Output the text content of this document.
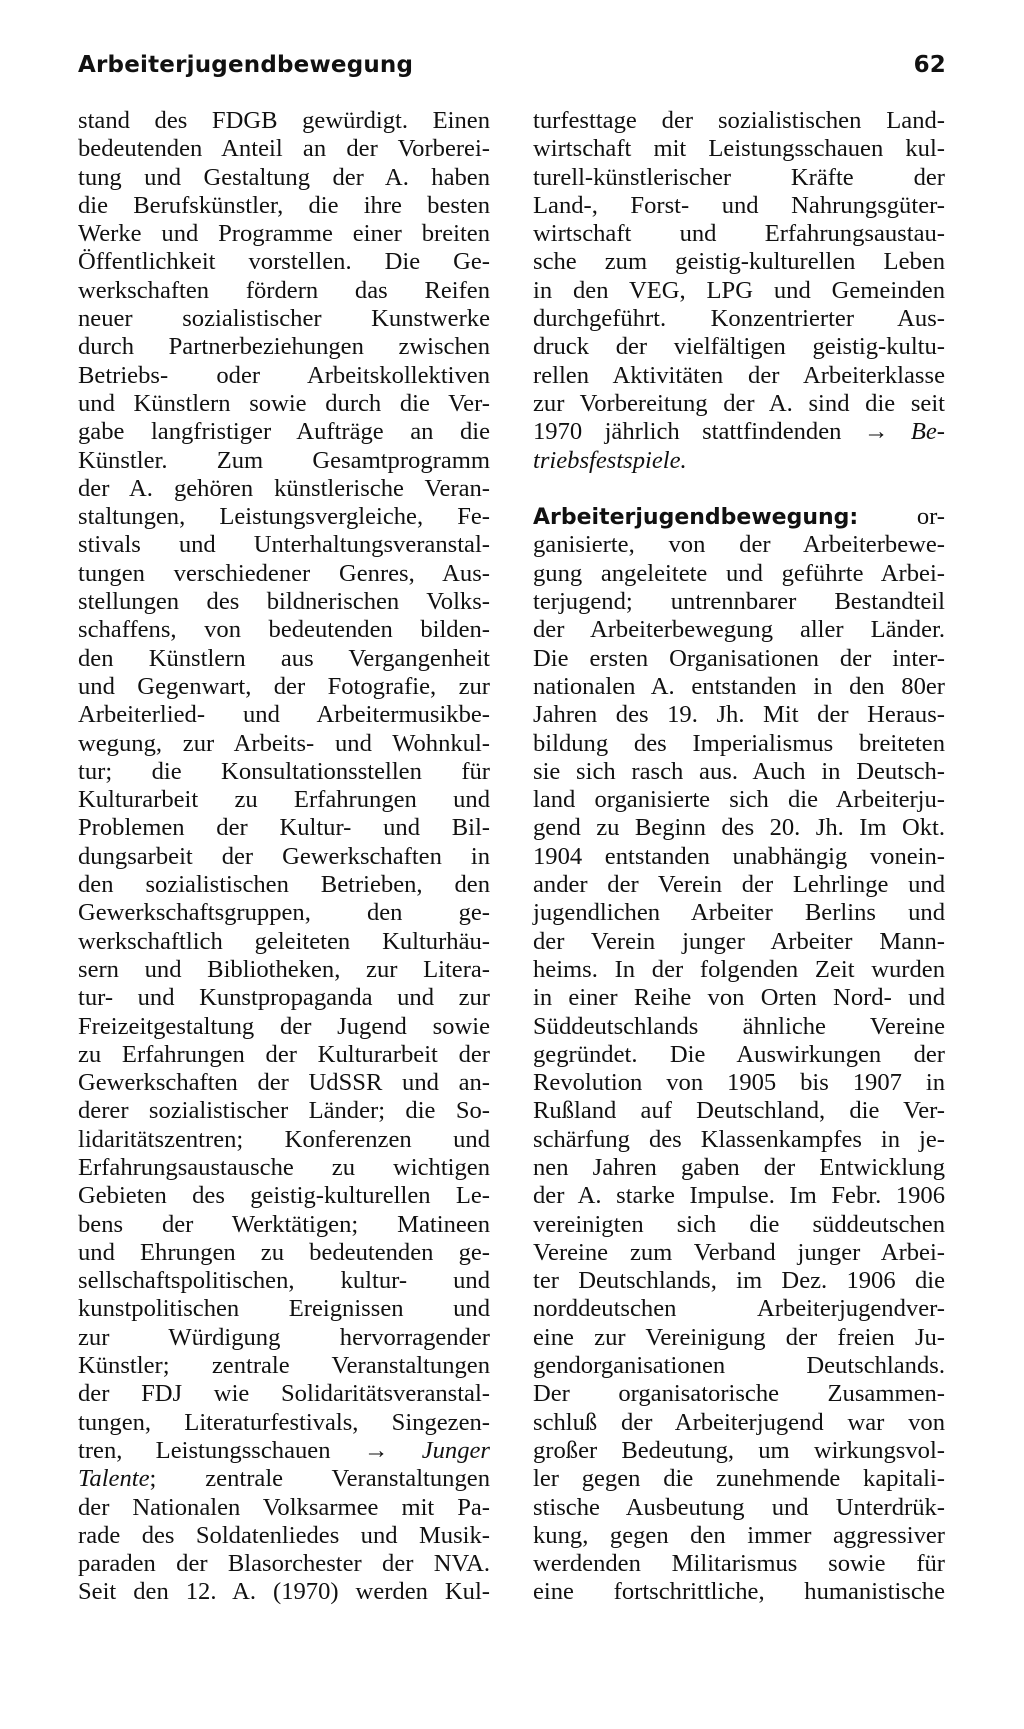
Arbeiterjugendbewegung	62
stand des FDGB gewürdigt. Einen
bedeutenden Anteil an der Vorberei-
tung und Gestaltung der A. haben
die Berufskünstler, die ihre besten
Werke und Programme einer breiten
Öffentlichkeit vorstellen. Die Ge-
werkschaften fördern das Reifen
neuer sozialistischer Kunstwerke
durch Partnerbeziehungen zwischen
Betriebs- oder Arbeitskollektiven
und Künstlern sowie durch die Ver-
gabe langfristiger Aufträge an die
Künstler. Zum Gesamtprogramm
der A. gehören künstlerische Veran-
staltungen, Leistungsvergleiche, Fe-
stivals und Unterhaltungsveranstal-
tungen verschiedener Genres, Aus-
stellungen des bildnerischen Volks-
schaffens, von bedeutenden bilden-
den Künstlern aus Vergangenheit
und Gegenwart, der Fotografie, zur
Arbeiterlied- und Arbeitermusikbe-
wegung, zur Arbeits- und Wohnkul-
tur; die Konsultationsstellen für
Kulturarbeit zu Erfahrungen und
Problemen der Kultur- und Bil-
dungsarbeit der Gewerkschaften in
den sozialistischen Betrieben, den
Gewerkschaftsgruppen, den ge-
werkschaftlich geleiteten Kulturhäu-
sern und Bibliotheken, zur Litera-
tur- und Kunstpropaganda und zur
Freizeitgestaltung der Jugend sowie
zu Erfahrungen der Kulturarbeit der
Gewerkschaften der UdSSR und an-
derer sozialistischer Länder; die So-
lidaritätszentren; Konferenzen und
Erfahrungsaustausche zu wichtigen
Gebieten des geistig-kulturellen Le-
bens der Werktätigen; Matineen
und Ehrungen zu bedeutenden ge-
sellschaftspolitischen, kultur- und
kunstpolitischen Ereignissen und
zur Würdigung hervorragender
Künstler; zentrale Veranstaltungen
der FDJ wie Solidaritätsveranstal-
tungen, Literaturfestivals, Singezen-
tren, Leistungsschauen → Junger
Talente; zentrale Veranstaltungen
der Nationalen Volksarmee mit Pa-
rade des Soldatenliedes und Musik-
paraden der Blasorchester der NVA.
Seit den 12. A. (1970) werden Kul-
turfesttage der sozialistischen Land-
wirtschaft mit Leistungsschauen kul-
turell-künstlerischer Kräfte der
Land-, Forst- und Nahrungsgüter-
wirtschaft und Erfahrungsaustau-
sche zum geistig-kulturellen Leben
in den VEG, LPG und Gemeinden
durchgeführt. Konzentrierter Aus-
druck der vielfältigen geistig-kultu-
rellen Aktivitäten der Arbeiterklasse
zur Vorbereitung der A. sind die seit
1970 jährlich stattfindenden → Be-
triebsfestspiele.
Arbeiterjugendbewegung: or-
ganisierte, von der Arbeiterbewe-
gung angeleitete und geführte Arbei-
terjugend; untrennbarer Bestandteil
der Arbeiterbewegung aller Länder.
Die ersten Organisationen der inter-
nationalen A. entstanden in den 80er
Jahren des 19. Jh. Mit der Heraus-
bildung des Imperialismus breiteten
sie sich rasch aus. Auch in Deutsch-
land organisierte sich die Arbeiterju-
gend zu Beginn des 20. Jh. Im Okt.
1904 entstanden unabhängig vonein-
ander der Verein der Lehrlinge und
jugendlichen Arbeiter Berlins und
der Verein junger Arbeiter Mann-
heims. In der folgenden Zeit wurden
in einer Reihe von Orten Nord- und
Süddeutschlands ähnliche Vereine
gegründet. Die Auswirkungen der
Revolution von 1905 bis 1907 in
Rußland auf Deutschland, die Ver-
schärfung des Klassenkampfes in je-
nen Jahren gaben der Entwicklung
der A. starke Impulse. Im Febr. 1906
vereinigten sich die süddeutschen
Vereine zum Verband junger Arbei-
ter Deutschlands, im Dez. 1906 die
norddeutschen Arbeiterjugendver-
eine zur Vereinigung der freien Ju-
gendorganisationen Deutschlands.
Der organisatorische Zusammen-
schluß der Arbeiterjugend war von
großer Bedeutung, um wirkungsvol-
ler gegen die zunehmende kapitali-
stische Ausbeutung und Unterdrük-
kung, gegen den immer aggressiver
werdenden Militarismus sowie für
eine fortschrittliche, humanistische
